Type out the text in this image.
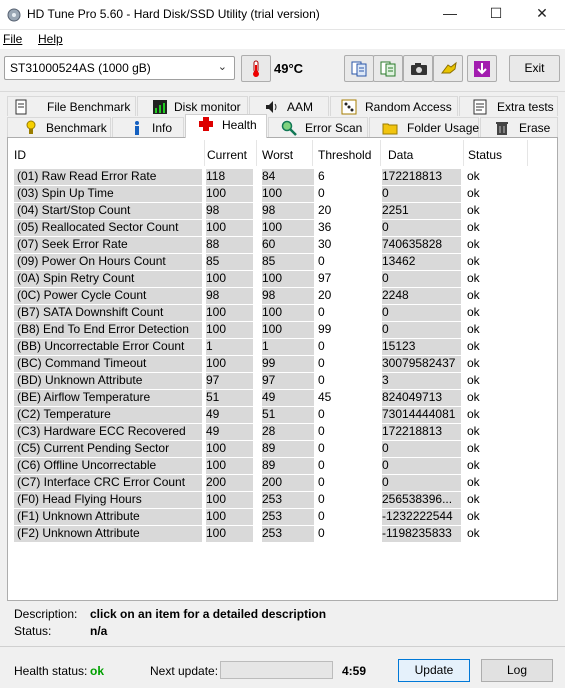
HD Tune Pro 5.60 - Hard Disk/SSD Utility (trial version)	—	☐	✕
File Help
ST31000524AS (1000 gB)	⌄	49°C	Exit
File Benchmark	Disk monitor	AAM	Random Access	Extra tests
Benchmark	Info	Health	Error Scan	Folder Usage	Erase
ID	Current Worst Threshold Data	Status
(01) Raw Read Error Rate	118	84	6	172218813	ok
(03) Spin Up Time	100	100	0	0	ok
(04) Start/Stop Count	98	98	20	2251	ok
(05) Reallocated Sector Count	100	100	36	0	ok
(07) Seek Error Rate	88	60	30	740635828	ok
(09) Power On Hours Count	85	85	0	13462	ok
(0A) Spin Retry Count	100	100	97	0	ok
(0C) Power Cycle Count	98	98	20	2248	ok
(B7) SATA Downshift Count	100	100	0	0	ok
(B8) End To End Error Detection	100	100	99	0	ok
(BB) Uncorrectable Error Count	1	1	0	15123	ok
(BC) Command Timeout	100	99	0	30079582437 ok
(BD) Unknown Attribute	97	97	0	3	ok
(BE) Airflow Temperature	51	49	45	824049713	ok
(C2) Temperature	49	51	0	73014444081 ok
(C3) Hardware ECC Recovered	49	28	0	172218813	ok
(C5) Current Pending Sector	100	89	0	0	ok
(C6) Offline Uncorrectable	100	89	0	0	ok
(C7) Interface CRC Error Count	200	200	0	0	ok
(F0) Head Flying Hours	100	253	0	256538396...	ok
(F1) Unknown Attribute	100	253	0	-1232222544	ok
(F2) Unknown Attribute	100	253	0	-1198235833	ok
Description: click on an item for a detailed description
Status:	n/a
Health status: ok	Next update:	4:59	Update	Log
